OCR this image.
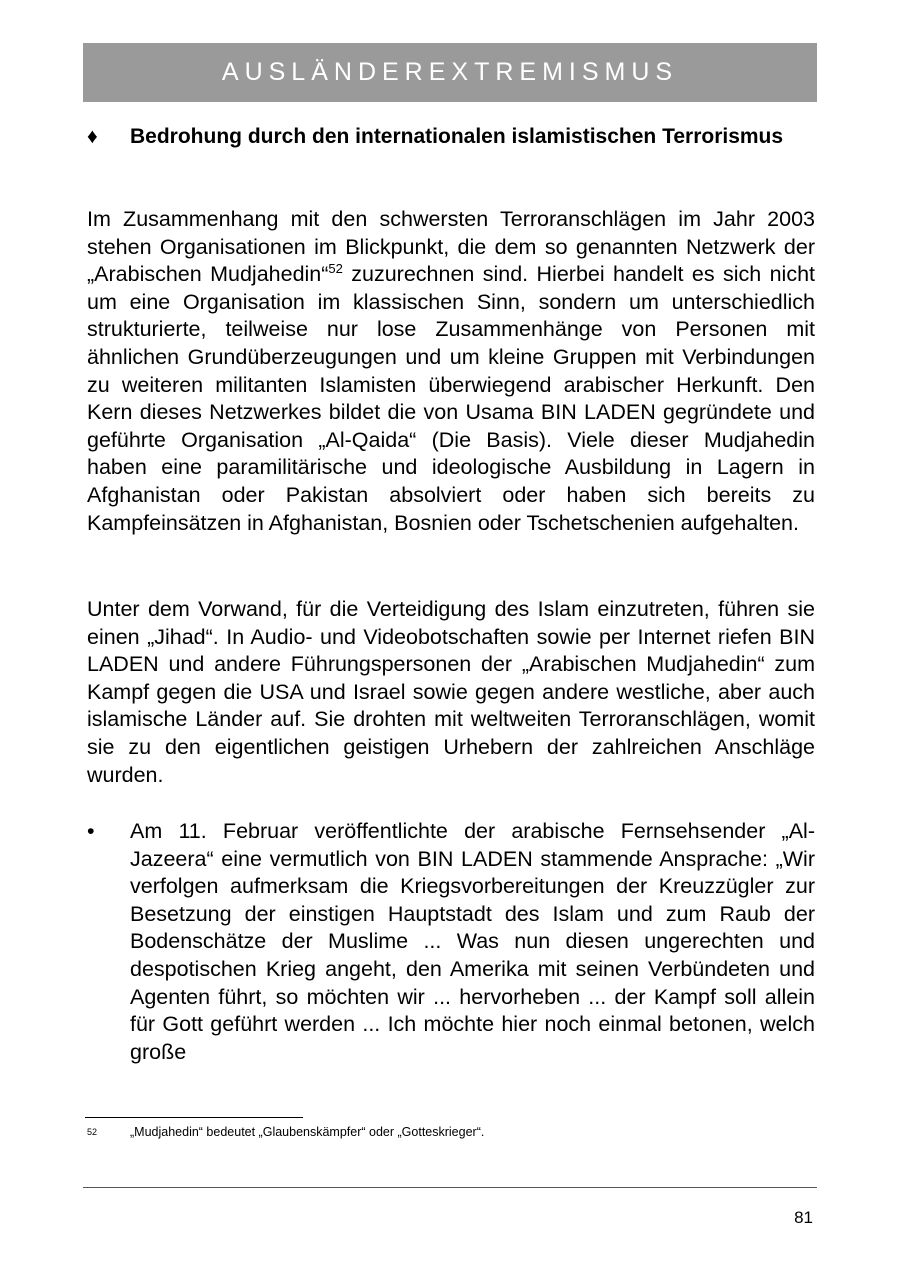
AUSLÄNDEREXTREMISMUS
♦ Bedrohung durch den internationalen islamistischen Terrorismus
Im Zusammenhang mit den schwersten Terroranschlägen im Jahr 2003 stehen Organisationen im Blickpunkt, die dem so genannten Netzwerk der „Arabischen Mudjahedin“$^{52}$ zuzurechnen sind. Hierbei handelt es sich nicht um eine Organisation im klassischen Sinn, sondern um unterschiedlich strukturierte, teilweise nur lose Zusammenhänge von Personen mit ähnlichen Grundüberzeugungen und um kleine Gruppen mit Verbindungen zu weiteren militanten Islamisten überwiegend arabischer Herkunft. Den Kern dieses Netzwerkes bildet die von Usama BIN LADEN gegründete und geführte Organisation „Al-Qaida“ (Die Basis). Viele dieser Mudjahedin haben eine paramilitärische und ideologische Ausbildung in Lagern in Afghanistan oder Pakistan absolviert oder haben sich bereits zu Kampfeinsätzen in Afghanistan, Bosnien oder Tschetschenien aufgehalten.
Unter dem Vorwand, für die Verteidigung des Islam einzutreten, führen sie einen „Jihad“. In Audio- und Videobotschaften sowie per Internet riefen BIN LADEN und andere Führungspersonen der „Arabischen Mudjahedin“ zum Kampf gegen die USA und Israel sowie gegen andere westliche, aber auch islamische Länder auf. Sie drohten mit weltweiten Terroranschlägen, womit sie zu den eigentlichen geistigen Urhebern der zahlreichen Anschläge wurden.
• Am 11. Februar veröffentlichte der arabische Fernsehsender „Al-Jazeera“ eine vermutlich von BIN LADEN stammende Ansprache: „Wir verfolgen aufmerksam die Kriegsvorbereitungen der Kreuzzügler zur Besetzung der einstigen Hauptstadt des Islam und zum Raub der Bodenschätze der Muslime ... Was nun diesen ungerechten und despotischen Krieg angeht, den Amerika mit seinen Verbündeten und Agenten führt, so möchten wir ... hervorheben ... der Kampf soll allein für Gott geführt werden ... Ich möchte hier noch einmal betonen, welch große
52	„Mudjahedin“ bedeutet „Glaubenskämpfer“ oder „Gotteskrieger“.
81
